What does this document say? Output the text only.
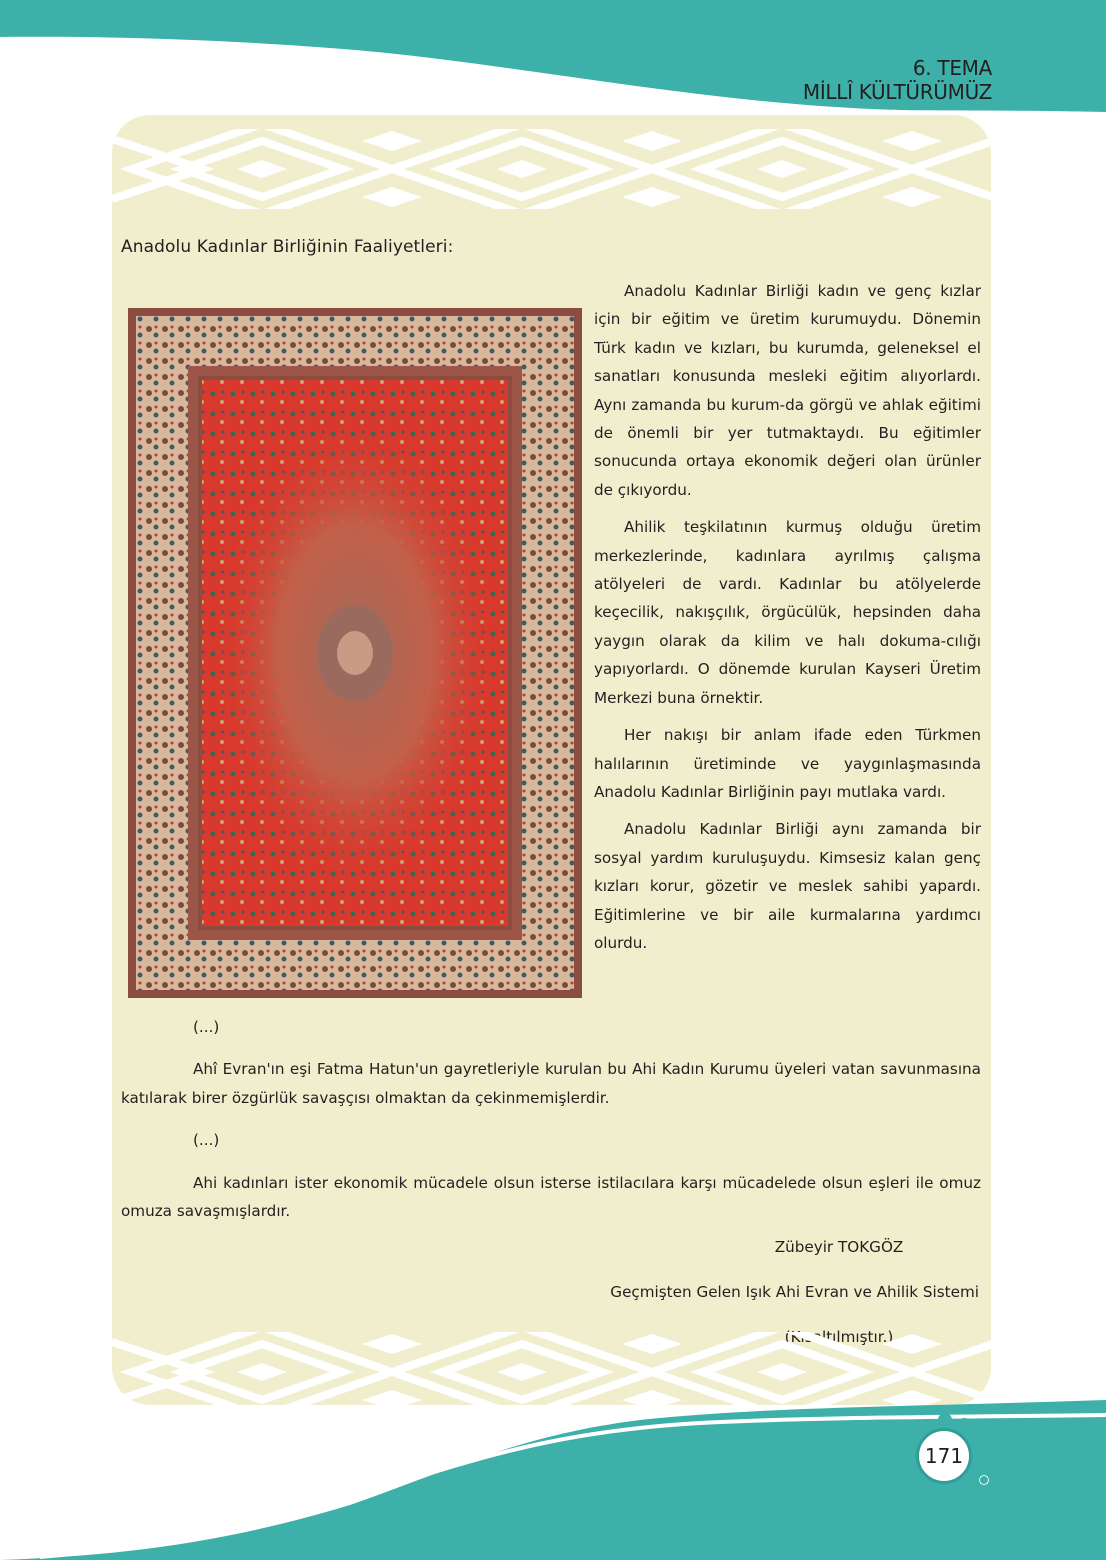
6. TEMA
MİLLÎ KÜLTÜRÜMÜZ
Anadolu Kadınlar Birliğinin Faaliyetleri:

Anadolu Kadınlar Birliği kadın ve genç kızlar için bir eğitim ve üretim kurumuydu. Dönemin Türk kadın ve kızları, bu kurumda, geleneksel el sanatları konusunda mesleki eğitim alıyorlardı. Aynı zamanda bu kurum-da görgü ve ahlak eğitimi de önemli bir yer tutmaktaydı. Bu eğitimler sonucunda ortaya ekonomik değeri olan ürünler de çıkıyordu.

Ahilik teşkilatının kurmuş olduğu üretim merkezlerinde, kadınlara ayrılmış çalışma atölyeleri de vardı. Kadınlar bu atölyelerde keçecilik, nakışçılık, örgücülük, hepsinden daha yaygın olarak da kilim ve halı dokuma-cılığı yapıyorlardı. O dönemde kurulan Kayseri Üretim Merkezi buna örnektir.

Her nakışı bir anlam ifade eden Türkmen halılarının üretiminde ve yaygınlaşmasında Anadolu Kadınlar Birliğinin payı mutlaka vardı.

Anadolu Kadınlar Birliği aynı zamanda bir sosyal yardım kuruluşuydu. Kimsesiz kalan genç kızları korur, gözetir ve meslek sahibi yapardı. Eğitimlerine ve bir aile kurmalarına yardımcı olurdu.

(...)

Ahî Evran'ın eşi Fatma Hatun'un gayretleriyle kurulan bu Ahi Kadın Kurumu üyeleri vatan savunmasına katılarak birer özgürlük savaşçısı olmaktan da çekinmemişlerdir.

(...)

Ahi kadınları ister ekonomik mücadele olsun isterse istilacılara karşı mücadelede olsun eşleri ile omuz omuza savaşmışlardır.

Zübeyir TOKGÖZ
Geçmişten Gelen Işık Ahi Evran ve Ahilik Sistemi
(Kısaltılmıştır.)
171
